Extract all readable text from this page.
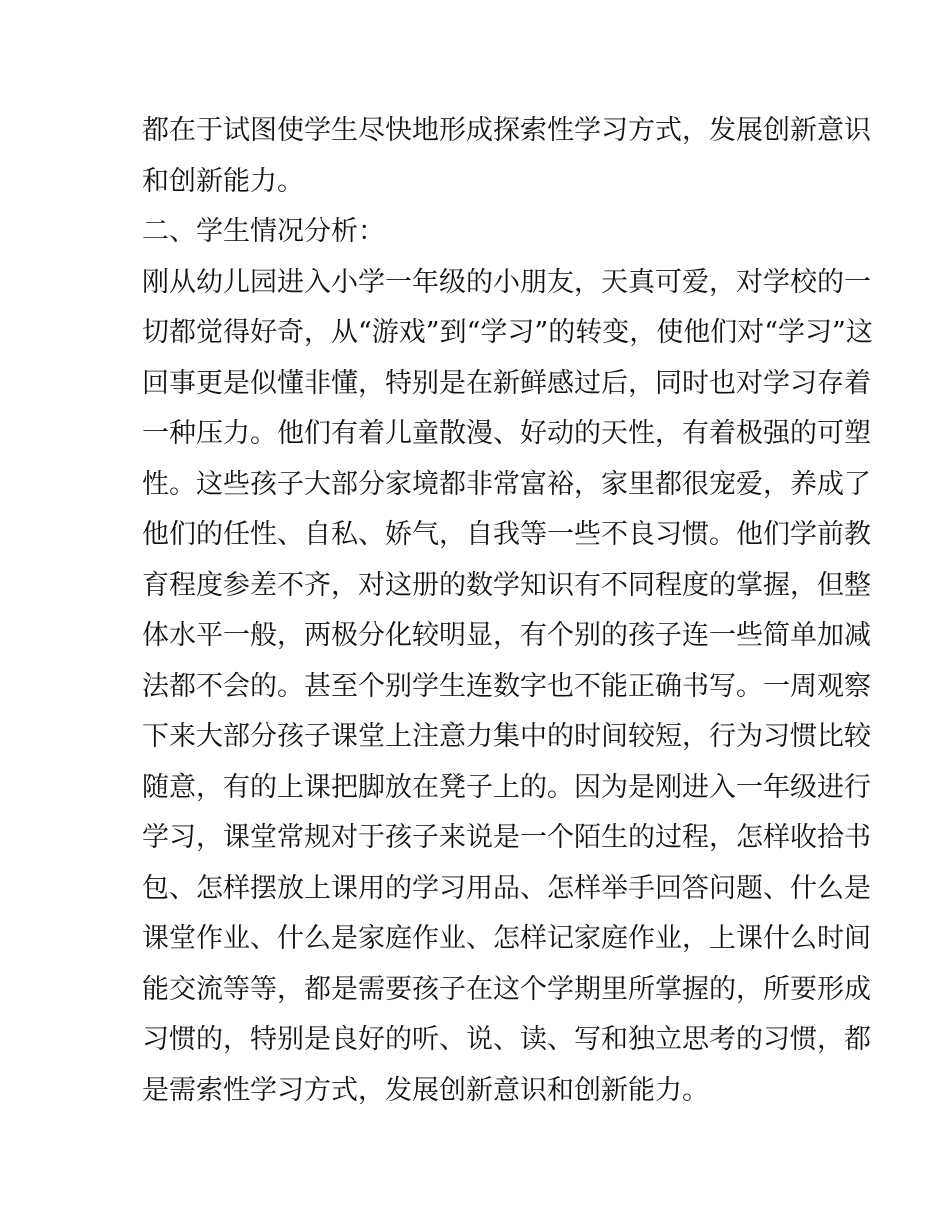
都在于试图使学生尽快地形成探索性学习方式，发展创新意识
和创新能力。
二、学生情况分析：
刚从幼儿园进入小学一年级的小朋友，天真可爱，对学校的一
切都觉得好奇，从“游戏”到“学习”的转变，使他们对“学习”这
回事更是似懂非懂，特别是在新鲜感过后，同时也对学习存着
一种压力。他们有着儿童散漫、好动的天性，有着极强的可塑
性。这些孩子大部分家境都非常富裕，家里都很宠爱，养成了
他们的任性、自私、娇气，自我等一些不良习惯。他们学前教
育程度参差不齐，对这册的数学知识有不同程度的掌握，但整
体水平一般，两极分化较明显，有个别的孩子连一些简单加减
法都不会的。甚至个别学生连数字也不能正确书写。一周观察
下来大部分孩子课堂上注意力集中的时间较短，行为习惯比较
随意，有的上课把脚放在凳子上的。因为是刚进入一年级进行
学习，课堂常规对于孩子来说是一个陌生的过程，怎样收拾书
包、怎样摆放上课用的学习用品、怎样举手回答问题、什么是
课堂作业、什么是家庭作业、怎样记家庭作业，上课什么时间
能交流等等，都是需要孩子在这个学期里所掌握的，所要形成
习惯的，特别是良好的听、说、读、写和独立思考的习惯，都
是需索性学习方式，发展创新意识和创新能力。
